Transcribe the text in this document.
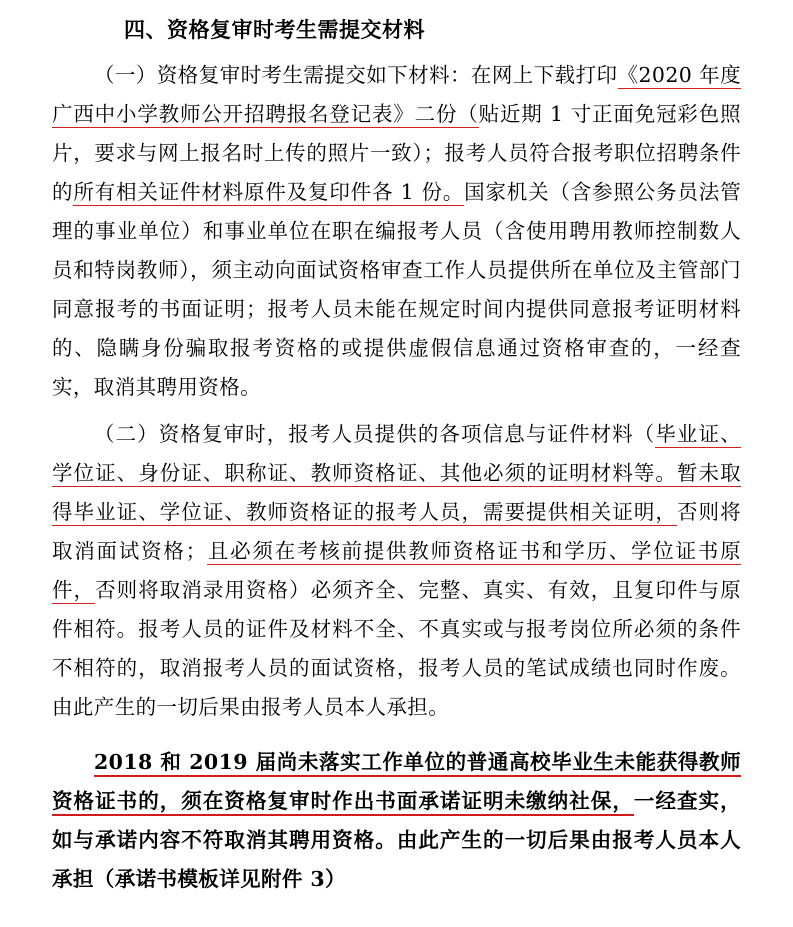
四、资格复审时考生需提交材料

（一）资格复审时考生需提交如下材料：在网上下载打印《2020 年度广西中小学教师公开招聘报名登记表》二份（贴近期 1 寸正面免冠彩色照片，要求与网上报名时上传的照片一致）；报考人员符合报考职位招聘条件的所有相关证件材料原件及复印件各 1 份。国家机关（含参照公务员法管理的事业单位）和事业单位在职在编报考人员（含使用聘用教师控制数人员和特岗教师），须主动向面试资格审查工作人员提供所在单位及主管部门同意报考的书面证明；报考人员未能在规定时间内提供同意报考证明材料的、隐瞒身份骗取报考资格的或提供虚假信息通过资格审查的，一经查实，取消其聘用资格。

（二）资格复审时，报考人员提供的各项信息与证件材料（毕业证、学位证、身份证、职称证、教师资格证、其他必须的证明材料等。暂未取得毕业证、学位证、教师资格证的报考人员，需要提供相关证明，否则将取消面试资格；且必须在考核前提供教师资格证书和学历、学位证书原件，否则将取消录用资格）必须齐全、完整、真实、有效，且复印件与原件相符。报考人员的证件及材料不全、不真实或与报考岗位所必须的条件不相符的，取消报考人员的面试资格，报考人员的笔试成绩也同时作废。由此产生的一切后果由报考人员本人承担。

2018 和 2019 届尚未落实工作单位的普通高校毕业生未能获得教师资格证书的，须在资格复审时作出书面承诺证明未缴纳社保，一经查实，如与承诺内容不符取消其聘用资格。由此产生的一切后果由报考人员本人承担（承诺书模板详见附件 3）
